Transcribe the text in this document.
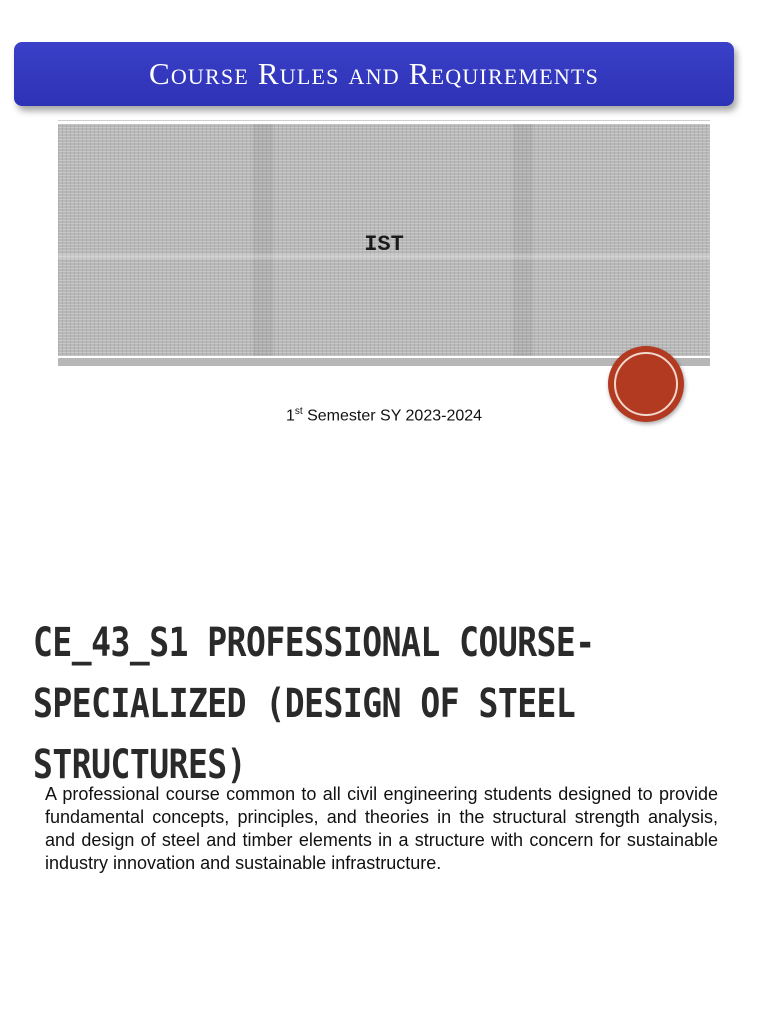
Course Rules and Requirements
IST
1st Semester SY 2023-2024
CE_43_S1 PROFESSIONAL COURSE-SPECIALIZED (DESIGN OF STEEL STRUCTURES)
A professional course common to all civil engineering students designed to provide fundamental concepts, principles, and theories in the structural strength analysis, and design of steel and timber elements in a structure with concern for sustainable industry innovation and sustainable infrastructure.
